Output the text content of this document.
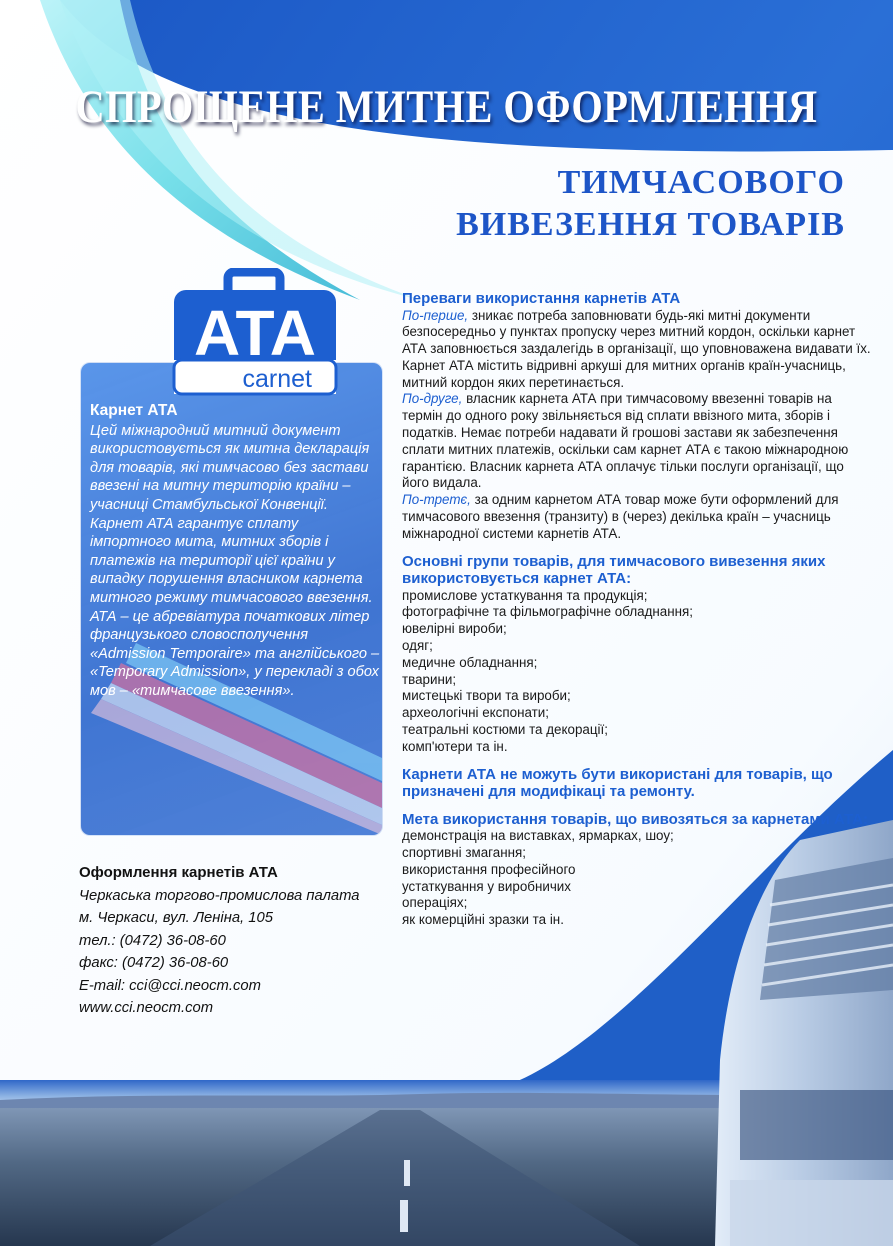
СПРОЩЕНЕ МИТНЕ ОФОРМЛЕННЯ
ТИМЧАСОВОГО
ВИВЕЗЕННЯ ТОВАРІВ
ATA
carnet
Карнет АТА

Цей міжнародний митний документ використовується як митна декларація для товарів, які тимчасово без застави ввезені на митну територію країни – учасниці Стамбульської Конвенції.

Карнет АТА гарантує сплату імпортного мита, митних зборів і платежів на території цієї країни у випадку порушення власником карнета митного режиму тимчасового ввезення.

АТА – це абревіатура початкових літер французького словосполучення «Admission Temporaire» та англійського – «Temporary Admission», у перекладі з обох мов – «тимчасове ввезення».

Оформлення карнетів АТА
Черкаська торгово-промислова палата
м. Черкаси, вул. Леніна, 105
тел.: (0472) 36-08-60
факс: (0472) 36-08-60
E-mail: cci@cci.neocm.com
www.cci.neocm.com
Переваги використання карнетів АТА

По-перше, зникає потреба заповнювати будь-які митні документи безпосередньо у пунктах пропуску через митний кордон, оскільки карнет АТА заповнюється заздалегідь в організації, що уповноважена видавати їх. Карнет АТА містить відривні аркуші для митних органів країн-учасниць, митний кордон яких перетинається.

По-друге, власник карнета АТА при тимчасовому ввезенні товарів на термін до одного року звільняється від сплати ввізного мита, зборів і податків. Немає потреби надавати й грошові застави як забезпечення сплати митних платежів, оскільки сам карнет АТА є такою міжнародною гарантією. Власник карнета АТА оплачує тільки послуги організації, що його видала.

По-третє, за одним карнетом АТА товар може бути оформлений для тимчасового ввезення (транзиту) в (через) декілька країн – учасниць міжнародної системи карнетів АТА.

Основні групи товарів, для тимчасового вивезення яких використовується карнет АТА:
промислове устаткування та продукція;
фотографічне та фільмографічне обладнання;
ювелірні вироби;
одяг;
медичне обладнання;
тварини;
мистецькі твори та вироби;
археологічні експонати;
театральні костюми та декорації;
комп'ютери та ін.
Карнети АТА не можуть бути використані для товарів, що призначені для модифікаці та ремонту.
Мета використання товарів, що вивозяться за карнетами АТА:
демонстрація на виставках, ярмарках, шоу;
спортивні змагання;
використання професійного
устаткування у виробничих
операціях;
як комерційні зразки та ін.
